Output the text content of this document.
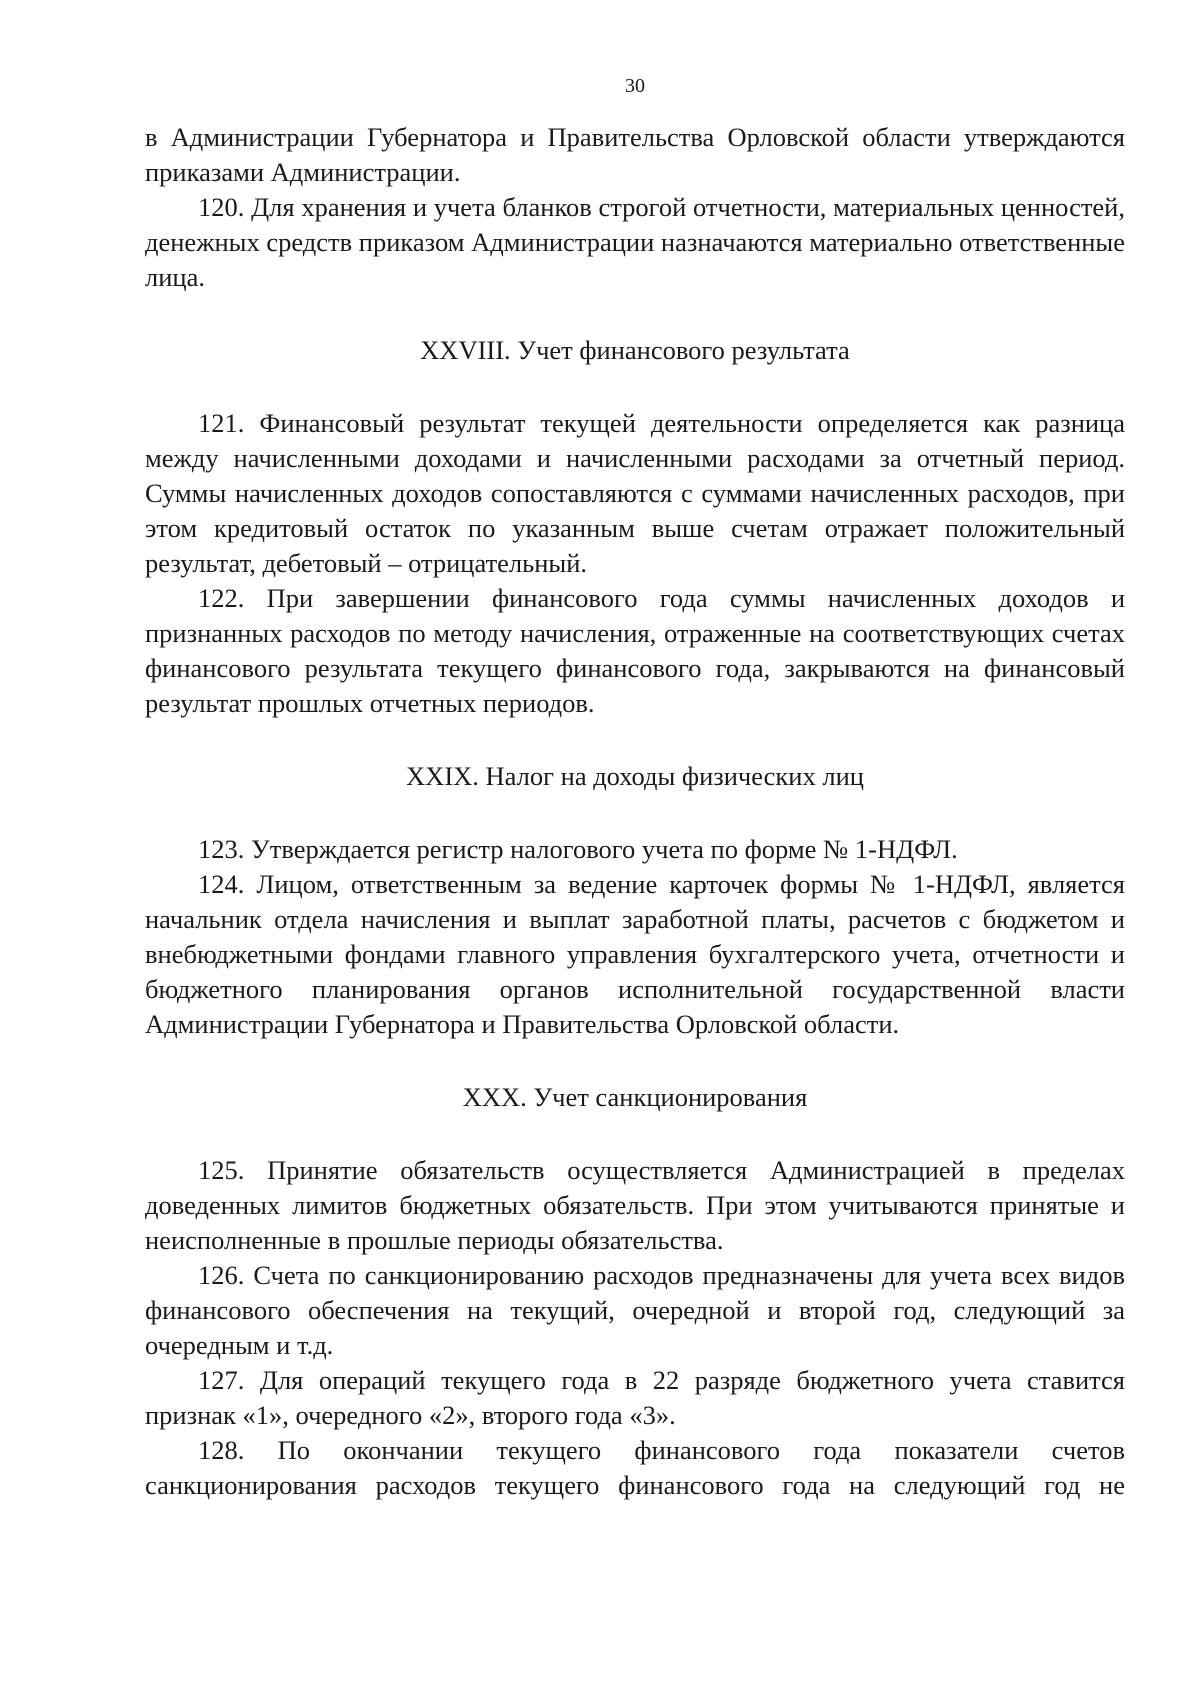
30

в Администрации Губернатора и Правительства Орловской области утверждаются приказами Администрации.

120. Для хранения и учета бланков строгой отчетности, материальных ценностей, денежных средств приказом Администрации назначаются материально ответственные лица.

XXVIII. Учет финансового результата

121. Финансовый результат текущей деятельности определяется как разница между начисленными доходами и начисленными расходами за отчетный период. Суммы начисленных доходов сопоставляются с суммами начисленных расходов, при этом кредитовый остаток по указанным выше счетам отражает положительный результат, дебетовый – отрицательный.

122. При завершении финансового года суммы начисленных доходов и признанных расходов по методу начисления, отраженные на соответствующих счетах финансового результата текущего финансового года, закрываются на финансовый результат прошлых отчетных периодов.

XXIX. Налог на доходы физических лиц

123. Утверждается регистр налогового учета по форме № 1-НДФЛ.

124. Лицом, ответственным за ведение карточек формы № 1-НДФЛ, является начальник отдела начисления и выплат заработной платы, расчетов с бюджетом и внебюджетными фондами главного управления бухгалтерского учета, отчетности и бюджетного планирования органов исполнительной государственной власти Администрации Губернатора и Правительства Орловской области.

XXX. Учет санкционирования

125. Принятие обязательств осуществляется Администрацией в пределах доведенных лимитов бюджетных обязательств. При этом учитываются принятые и неисполненные в прошлые периоды обязательства.

126. Счета по санкционированию расходов предназначены для учета всех видов финансового обеспечения на текущий, очередной и второй год, следующий за очередным и т.д.

127. Для операций текущего года в 22 разряде бюджетного учета ставится признак «1», очередного «2», второго года «3».

128. По окончании текущего финансового года показатели счетов санкционирования расходов текущего финансового года на следующий год не
